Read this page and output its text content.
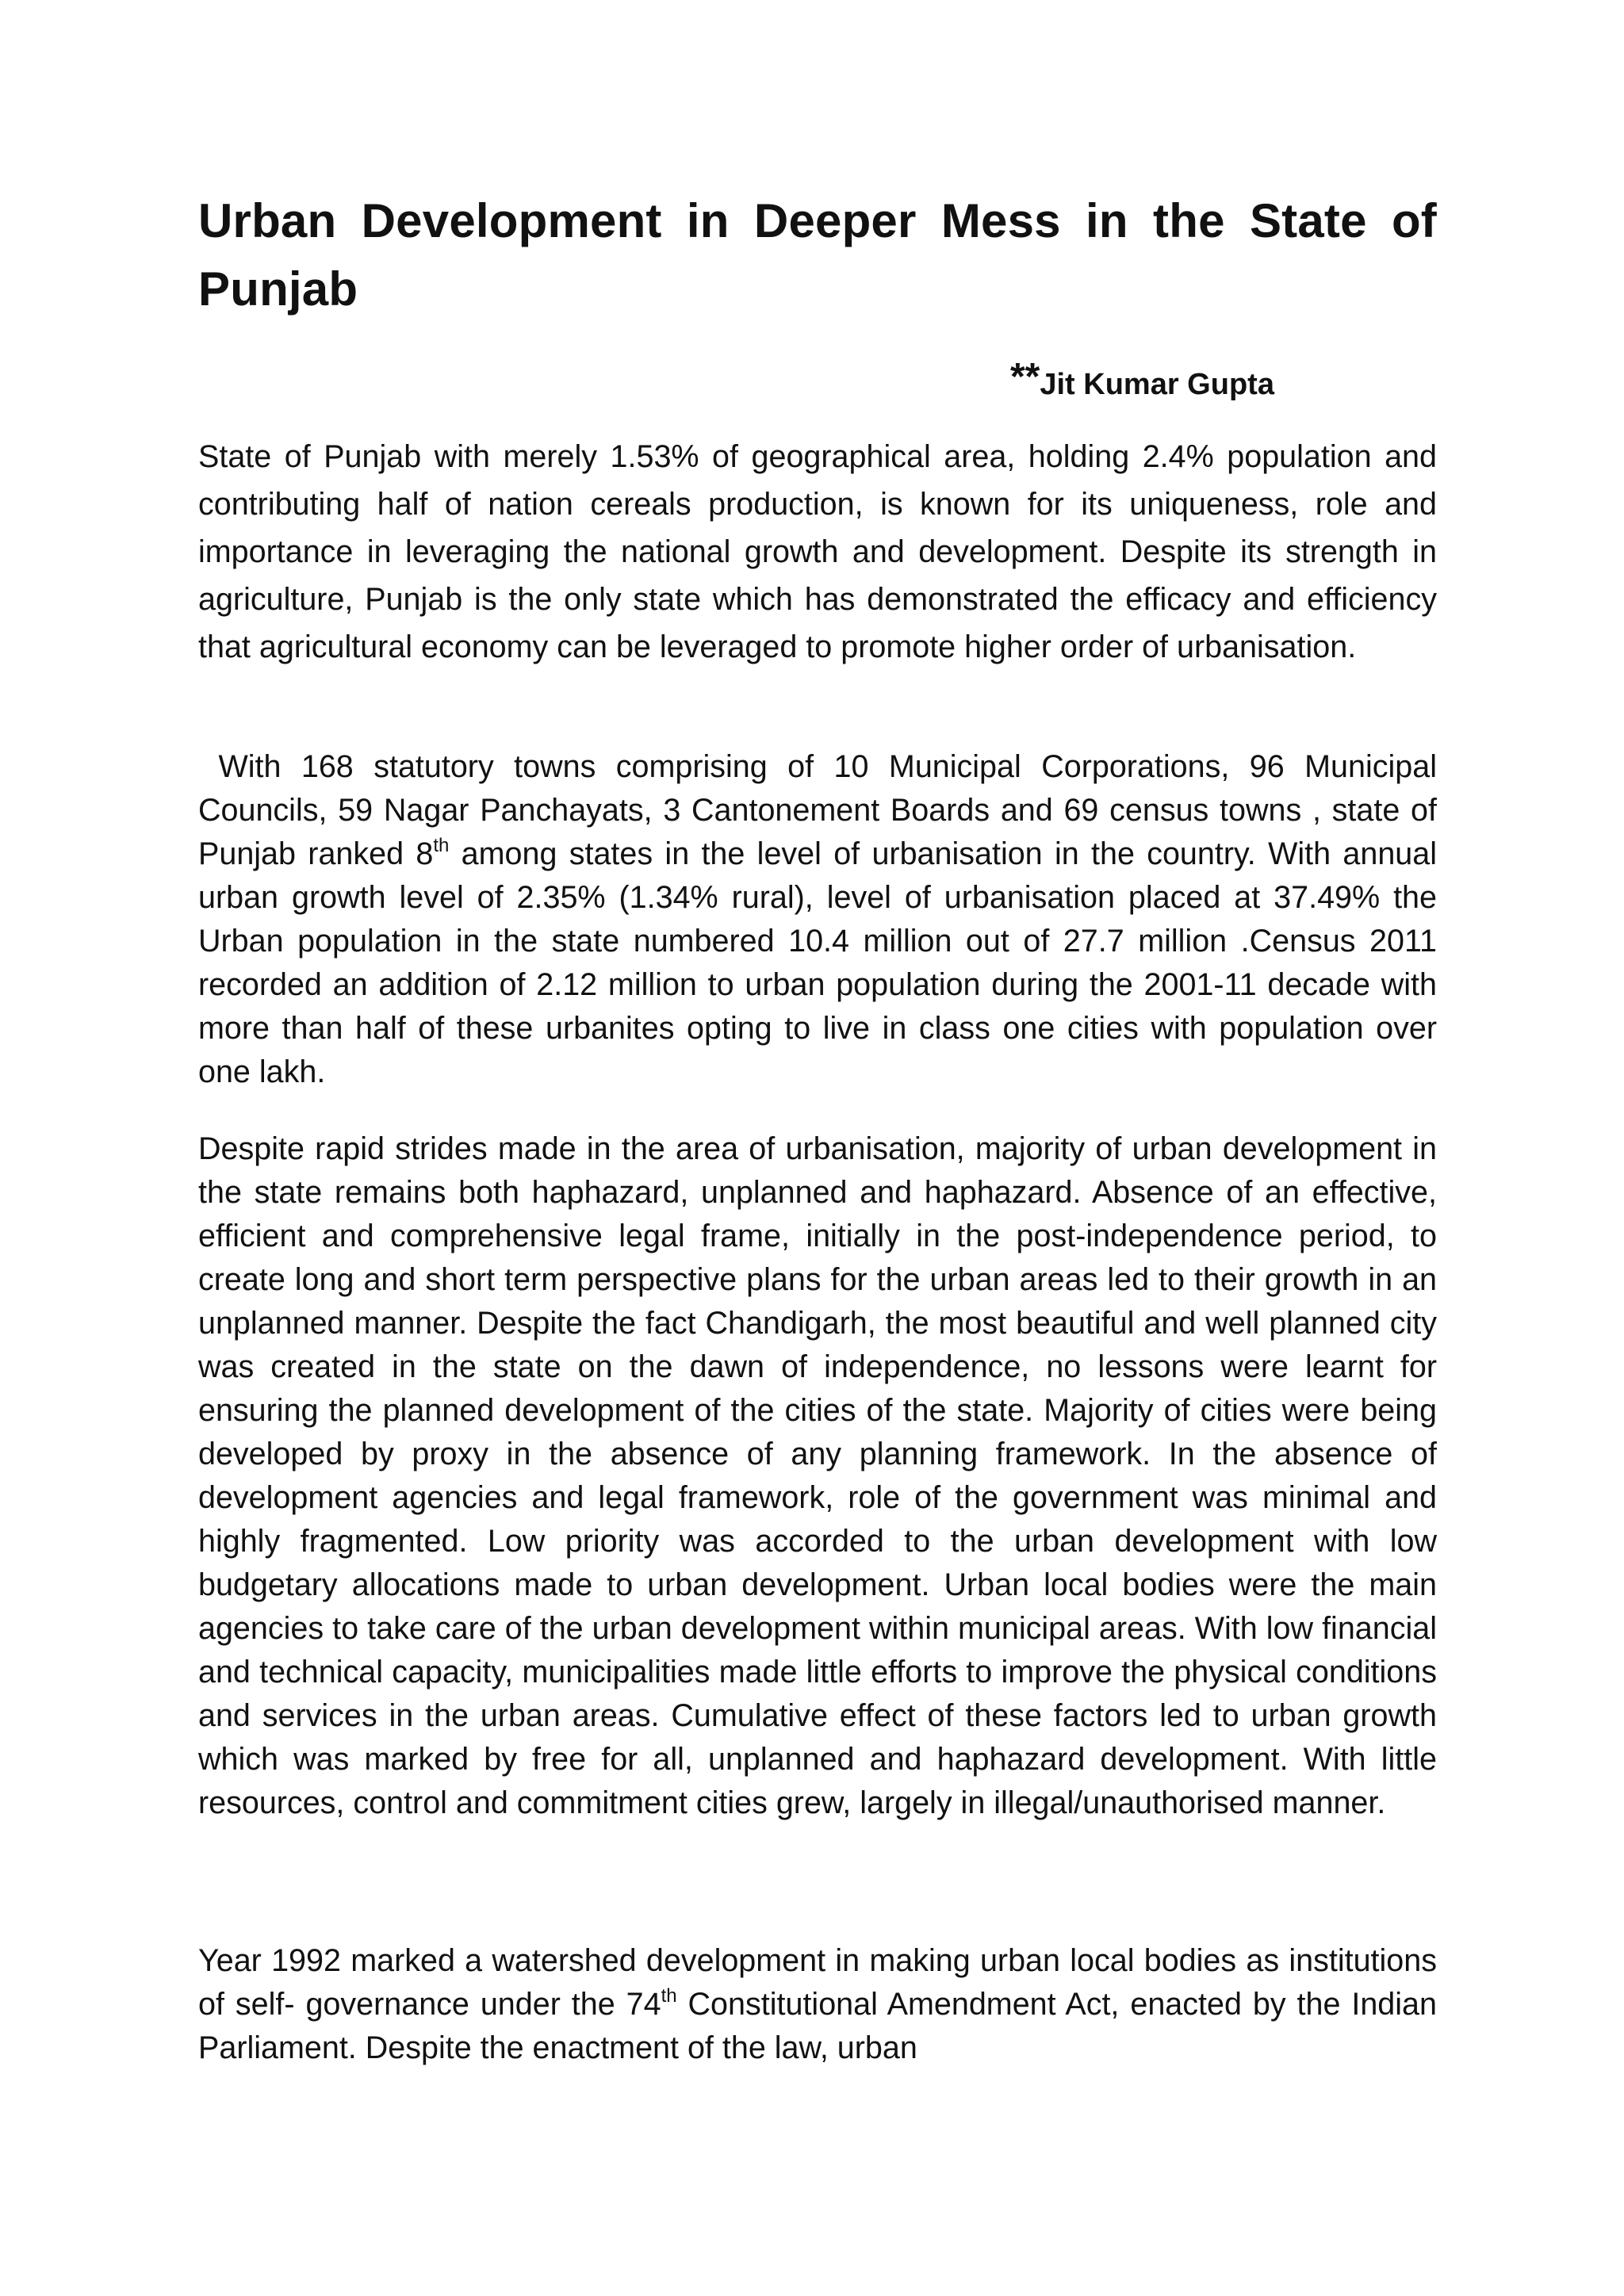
Urban Development in Deeper Mess in the State of Punjab
**Jit Kumar Gupta

State of Punjab with merely 1.53% of geographical area, holding 2.4% population and contributing half of nation cereals production, is known for its uniqueness, role and importance in leveraging the national growth and development. Despite its strength in agriculture, Punjab is the only state which has demonstrated the efficacy and efficiency that agricultural economy can be leveraged to promote higher order of urbanisation.

With 168 statutory towns comprising of 10 Municipal Corporations, 96 Municipal Councils, 59 Nagar Panchayats, 3 Cantonement Boards and 69 census towns , state of Punjab ranked 8th among states in the level of urbanisation in the country. With annual urban growth level of 2.35% (1.34% rural), level of urbanisation placed at 37.49% the Urban population in the state numbered 10.4 million out of 27.7 million .Census 2011 recorded an addition of 2.12 million to urban population during the 2001-11 decade with more than half of these urbanites opting to live in class one cities with population over one lakh.

Despite rapid strides made in the area of urbanisation, majority of urban development in the state remains both haphazard, unplanned and haphazard. Absence of an effective, efficient and comprehensive legal frame, initially in the post-independence period, to create long and short term perspective plans for the urban areas led to their growth in an unplanned manner. Despite the fact Chandigarh, the most beautiful and well planned city was created in the state on the dawn of independence, no lessons were learnt for ensuring the planned development of the cities of the state. Majority of cities were being developed by proxy in the absence of any planning framework. In the absence of development agencies and legal framework, role of the government was minimal and highly fragmented. Low priority was accorded to the urban development with low budgetary allocations made to urban development. Urban local bodies were the main agencies to take care of the urban development within municipal areas. With low financial and technical capacity, municipalities made little efforts to improve the physical conditions and services in the urban areas. Cumulative effect of these factors led to urban growth which was marked by free for all, unplanned and haphazard development. With little resources, control and commitment cities grew, largely in illegal/unauthorised manner.

Year 1992 marked a watershed development in making urban local bodies as institutions of self- governance under the 74th Constitutional Amendment Act, enacted by the Indian Parliament. Despite the enactment of the law, urban
